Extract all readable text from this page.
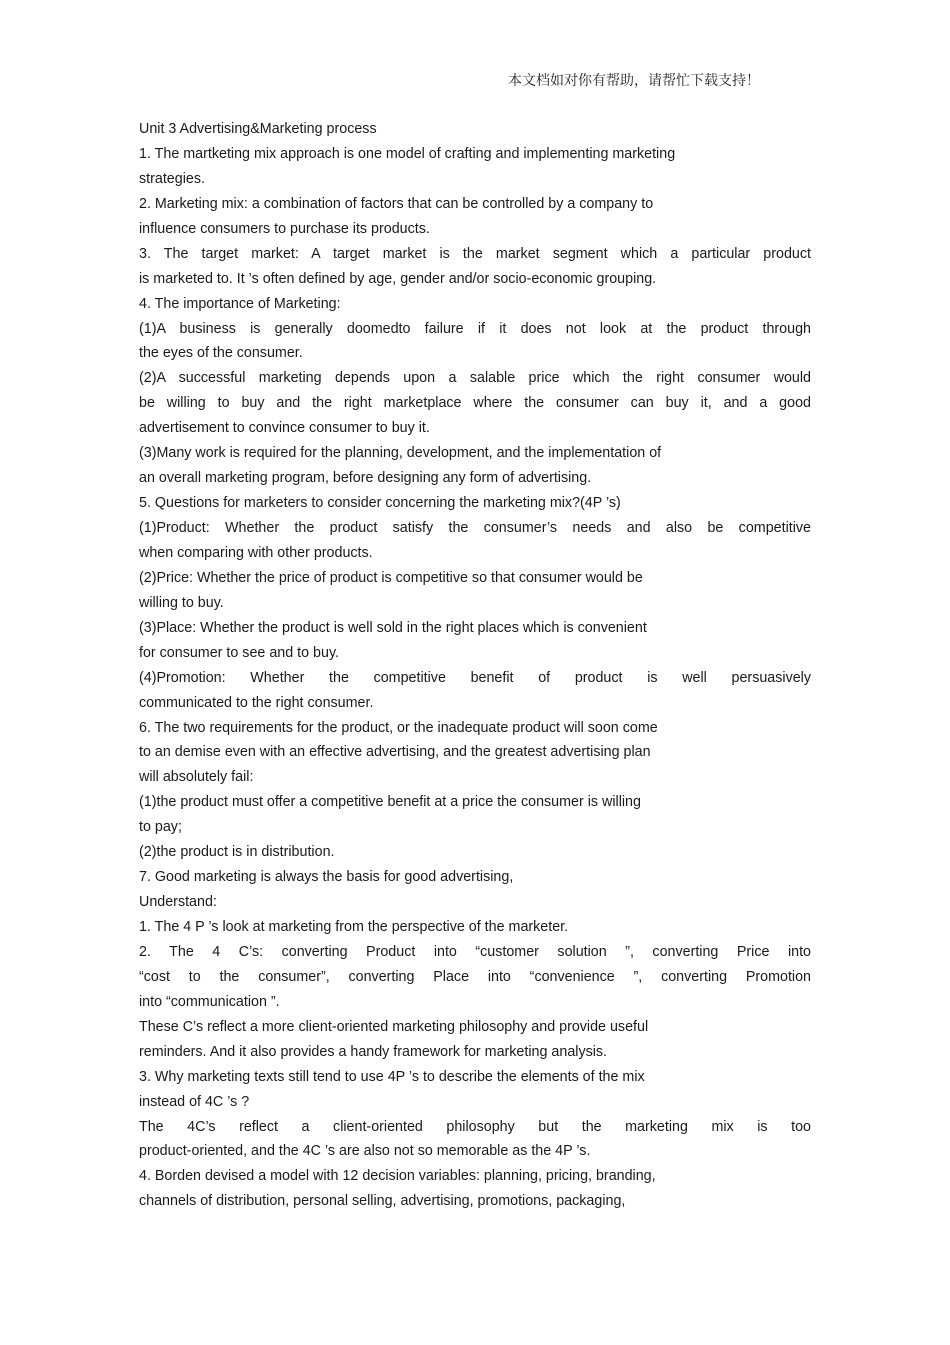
本文档如对你有帮助，请帮忙下载支持！
Unit 3 Advertising&Marketing process
1. The martketing mix approach is one model of crafting and implementing marketing
strategies.
2. Marketing mix: a combination of factors that can be controlled by a company to
influence consumers to purchase its products.
3. The target market: A target market is the market segment which a particular product
is marketed to. It ’s often defined by age, gender and/or socio-economic grouping.
4. The importance of Marketing:
(1)A business is generally doomedto failure if it does not look at the product through
the eyes of the consumer.
(2)A successful marketing depends upon a salable price which the right consumer would
be willing to buy and the right marketplace where the consumer can buy it, and a good
advertisement to convince consumer to buy it.
(3)Many work is required for the planning, development, and the implementation of
an overall marketing program, before designing any form of advertising.
5. Questions for marketers to consider concerning the marketing mix?(4P ’s)
(1)Product: Whether the product satisfy the consumer’s needs and also be competitive
when comparing with other products.
(2)Price: Whether the price of product is competitive so that consumer would be
willing to buy.
(3)Place: Whether the product is well sold in the right places which is convenient
for consumer to see and to buy.
(4)Promotion: Whether the competitive benefit of product is well persuasively
communicated to the right consumer.
6. The two requirements for the product, or the inadequate product will soon come
to an demise even with an effective advertising, and the greatest advertising plan
will absolutely fail:
(1)the product must offer a competitive benefit at a price the consumer is willing
to pay;
(2)the product is in distribution.
7. Good marketing is always the basis for good advertising,
Understand:
1. The 4 P ’s look at marketing from the perspective of the marketer.
2. The 4 C’s: converting Product into “customer solution ”, converting Price into
“cost to the consumer”, converting Place into “convenience ”, converting Promotion
into “communication ”.
These C’s reflect a more client-oriented marketing philosophy and provide useful
reminders. And it also provides a handy framework for marketing analysis.
3. Why marketing texts still tend to use 4P ’s to describe the elements of the mix
instead of 4C ’s ?
The 4C’s reflect a client-oriented philosophy but the marketing mix is too
product-oriented, and the 4C ’s are also not so memorable as the 4P ’s.
4. Borden devised a model with 12 decision variables: planning, pricing, branding,
channels of distribution, personal selling, advertising, promotions, packaging,
